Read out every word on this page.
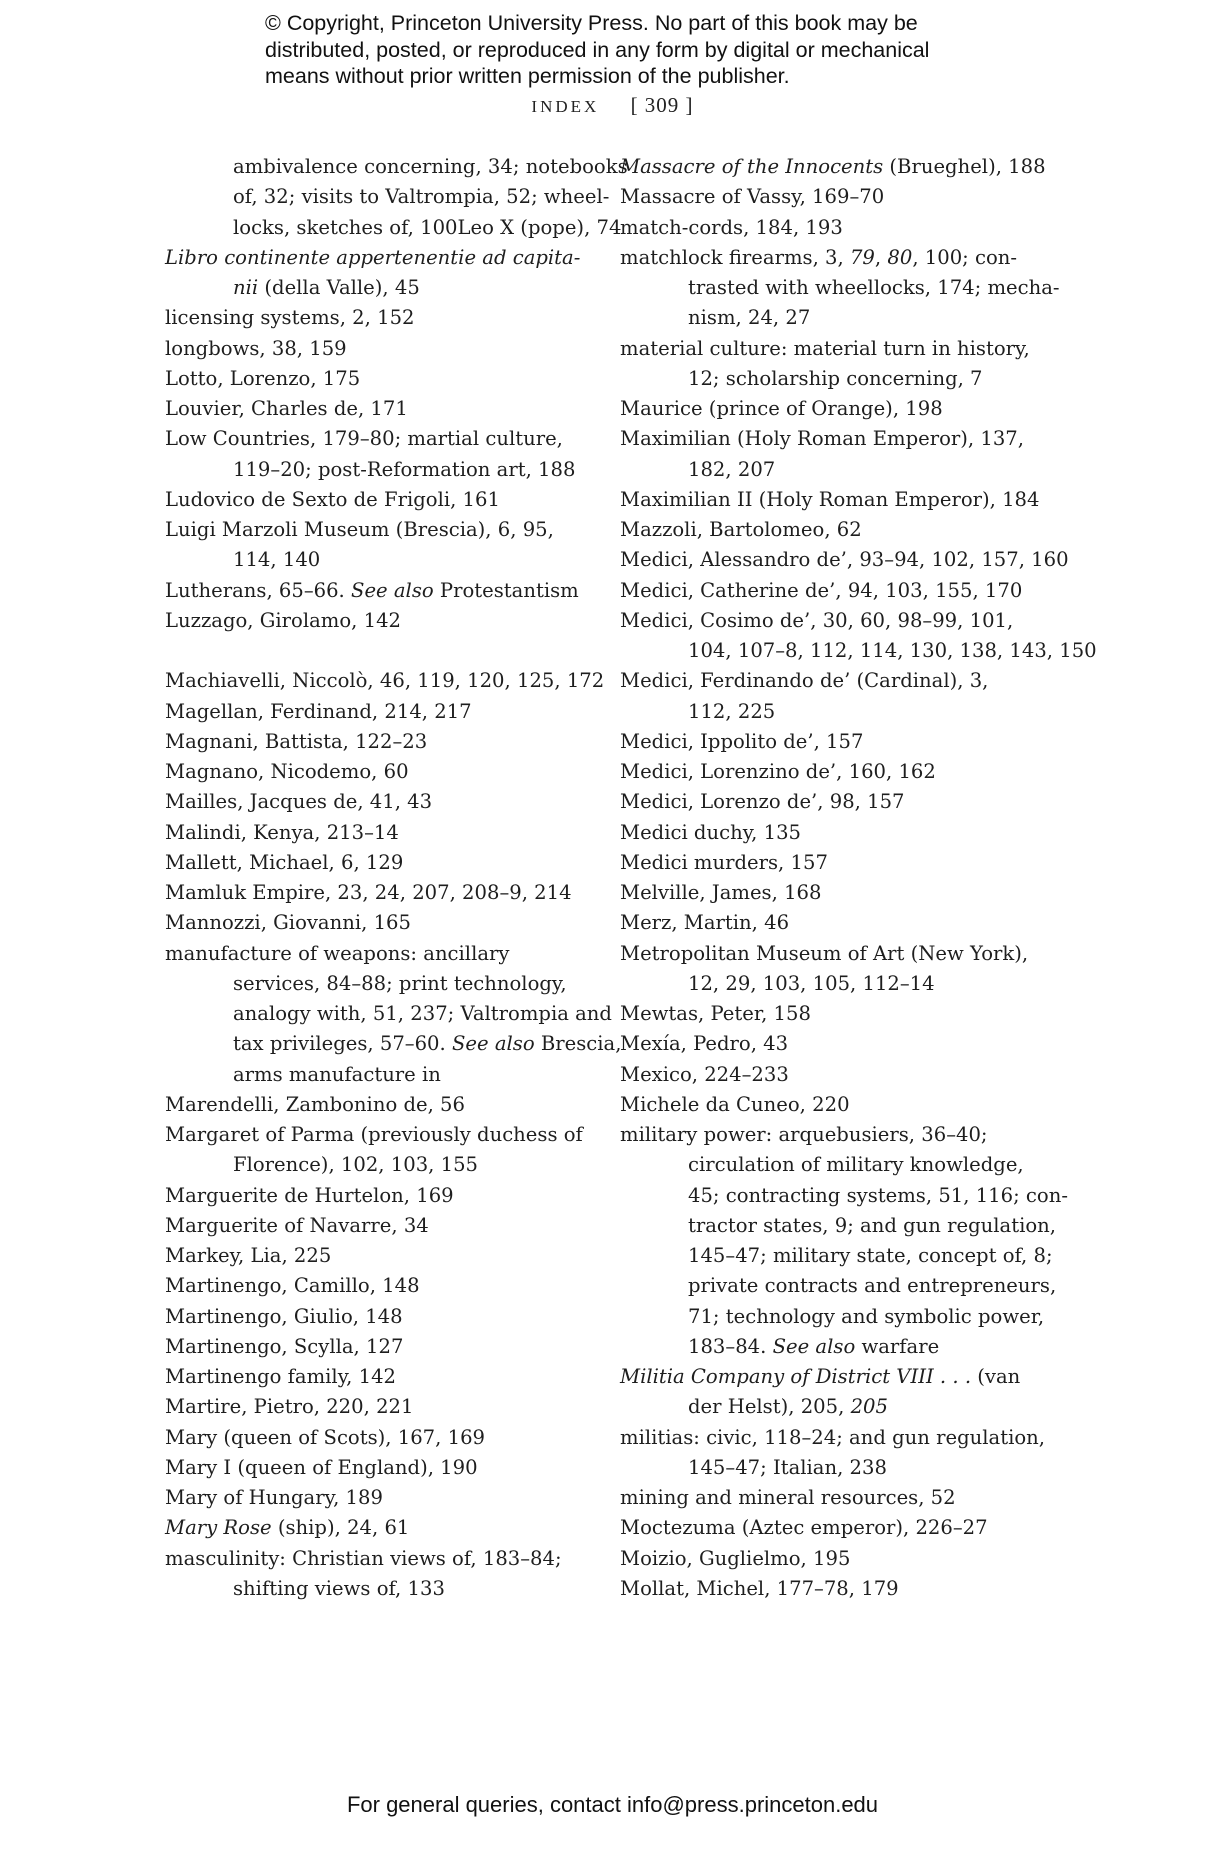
© Copyright, Princeton University Press. No part of this book may be
distributed, posted, or reproduced in any form by digital or mechanical
means without prior written permission of the publisher.
INDEX [ 309 ]
ambivalence concerning, 34; notebooks
of, 32; visits to Valtrompia, 52; wheel-
locks, sketches of, 100Leo X (pope), 74
Libro continente appertenentie ad capita-
nii (della Valle), 45
licensing systems, 2, 152
longbows, 38, 159
Lotto, Lorenzo, 175
Louvier, Charles de, 171
Low Countries, 179–80; martial culture,
119–20; post-Reformation art, 188
Ludovico de Sexto de Frigoli, 161
Luigi Marzoli Museum (Brescia), 6, 95,
114, 140
Lutherans, 65–66. See also Protestantism
Luzzago, Girolamo, 142
Machiavelli, Niccolò, 46, 119, 120, 125, 172
Magellan, Ferdinand, 214, 217
Magnani, Battista, 122–23
Magnano, Nicodemo, 60
Mailles, Jacques de, 41, 43
Malindi, Kenya, 213–14
Mallett, Michael, 6, 129
Mamluk Empire, 23, 24, 207, 208–9, 214
Mannozzi, Giovanni, 165
manufacture of weapons: ancillary
services, 84–88; print technology,
analogy with, 51, 237; Valtrompia and
tax privileges, 57–60. See also Brescia,
arms manufacture in
Marendelli, Zambonino de, 56
Margaret of Parma (previously duchess of
Florence), 102, 103, 155
Marguerite de Hurtelon, 169
Marguerite of Navarre, 34
Markey, Lia, 225
Martinengo, Camillo, 148
Martinengo, Giulio, 148
Martinengo, Scylla, 127
Martinengo family, 142
Martire, Pietro, 220, 221
Mary (queen of Scots), 167, 169
Mary I (queen of England), 190
Mary of Hungary, 189
Mary Rose (ship), 24, 61
masculinity: Christian views of, 183–84;
shifting views of, 133
Massacre of the Innocents (Brueghel), 188
Massacre of Vassy, 169–70
match-cords, 184, 193
matchlock firearms, 3, 79, 80, 100; con-
trasted with wheellocks, 174; mecha-
nism, 24, 27
material culture: material turn in history,
12; scholarship concerning, 7
Maurice (prince of Orange), 198
Maximilian (Holy Roman Emperor), 137,
182, 207
Maximilian II (Holy Roman Emperor), 184
Mazzoli, Bartolomeo, 62
Medici, Alessandro de’, 93–94, 102, 157, 160
Medici, Catherine de’, 94, 103, 155, 170
Medici, Cosimo de’, 30, 60, 98–99, 101,
104, 107–8, 112, 114, 130, 138, 143, 150
Medici, Ferdinando de’ (Cardinal), 3,
112, 225
Medici, Ippolito de’, 157
Medici, Lorenzino de’, 160, 162
Medici, Lorenzo de’, 98, 157
Medici duchy, 135
Medici murders, 157
Melville, James, 168
Merz, Martin, 46
Metropolitan Museum of Art (New York),
12, 29, 103, 105, 112–14
Mewtas, Peter, 158
Mexía, Pedro, 43
Mexico, 224–233
Michele da Cuneo, 220
military power: arquebusiers, 36–40;
circulation of military knowledge,
45; contracting systems, 51, 116; con-
tractor states, 9; and gun regulation,
145–47; military state, concept of, 8;
private contracts and entrepreneurs,
71; technology and symbolic power,
183–84. See also warfare
Militia Company of District VIII . . . (van
der Helst), 205, 205
militias: civic, 118–24; and gun regulation,
145–47; Italian, 238
mining and mineral resources, 52
Moctezuma (Aztec emperor), 226–27
Moizio, Guglielmo, 195
Mollat, Michel, 177–78, 179
For general queries, contact info@press.princeton.edu
